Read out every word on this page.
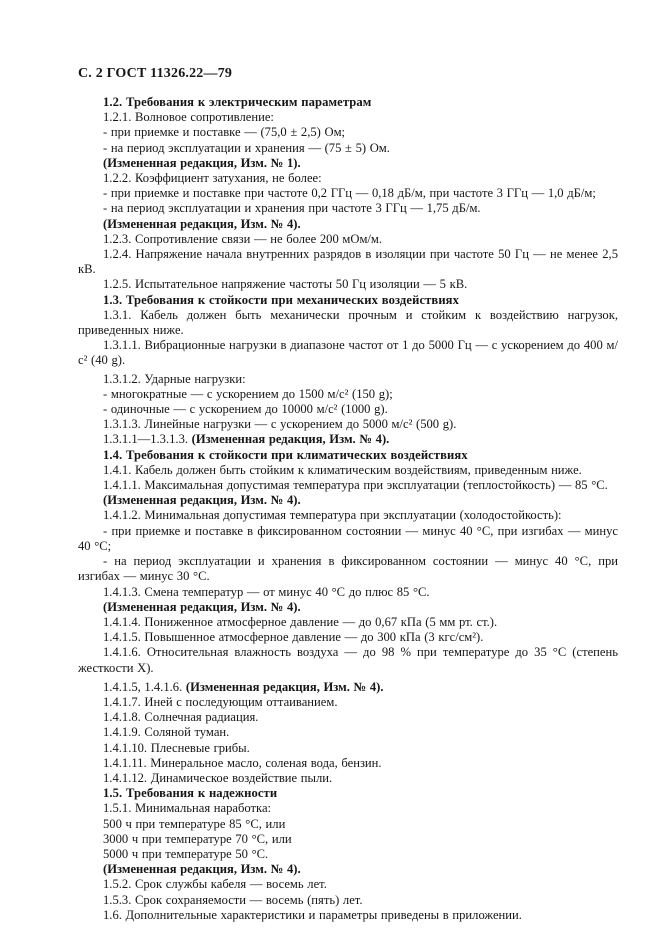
С. 2 ГОСТ 11326.22—79

1.2. Требования к электрическим параметрам

1.2.1. Волновое сопротивление:

- при приемке и поставке — (75,0 ± 2,5) Ом;

- на период эксплуатации и хранения — (75 ± 5) Ом.

(Измененная редакция, Изм. № 1).

1.2.2. Коэффициент затухания, не более:

- при приемке и поставке при частоте 0,2 ГГц — 0,18 дБ/м, при частоте 3 ГГц — 1,0 дБ/м;

- на период эксплуатации и хранения при частоте 3 ГГц — 1,75 дБ/м.

(Измененная редакция, Изм. № 4).

1.2.3. Сопротивление связи — не более 200 мОм/м.

1.2.4. Напряжение начала внутренних разрядов в изоляции при частоте 50 Гц — не менее 2,5 кВ.

1.2.5. Испытательное напряжение частоты 50 Гц изоляции — 5 кВ.

1.3. Требования к стойкости при механических воздействиях

1.3.1. Кабель должен быть механически прочным и стойким к воздействию нагрузок, приведенных ниже.

1.3.1.1. Вибрационные нагрузки в диапазоне частот от 1 до 5000 Гц — с ускорением до 400 м/с² (40 g).

1.3.1.2. Ударные нагрузки:

- многократные — с ускорением до 1500 м/с² (150 g);

- одиночные — с ускорением до 10000 м/с² (1000 g).

1.3.1.3. Линейные нагрузки — с ускорением до 5000 м/с² (500 g).

1.3.1.1—1.3.1.3. (Измененная редакция, Изм. № 4).

1.4. Требования к стойкости при климатических воздействиях

1.4.1. Кабель должен быть стойким к климатическим воздействиям, приведенным ниже.

1.4.1.1. Максимальная допустимая температура при эксплуатации (теплостойкость) — 85 °С.

(Измененная редакция, Изм. № 4).

1.4.1.2. Минимальная допустимая температура при эксплуатации (холодостойкость):

- при приемке и поставке в фиксированном состоянии — минус 40 °С, при изгибах — минус 40 °С;

- на период эксплуатации и хранения в фиксированном состоянии — минус 40 °С, при изгибах — минус 30 °С.

1.4.1.3. Смена температур — от минус 40 °С до плюс 85 °С.

(Измененная редакция, Изм. № 4).

1.4.1.4. Пониженное атмосферное давление — до 0,67 кПа (5 мм рт. ст.).

1.4.1.5. Повышенное атмосферное давление — до 300 кПа (3 кгс/см²).

1.4.1.6. Относительная влажность воздуха — до 98 % при температуре до 35 °С (степень жесткости X).

1.4.1.5, 1.4.1.6. (Измененная редакция, Изм. № 4).

1.4.1.7. Иней с последующим оттаиванием.

1.4.1.8. Солнечная радиация.

1.4.1.9. Соляной туман.

1.4.1.10. Плесневые грибы.

1.4.1.11. Минеральное масло, соленая вода, бензин.

1.4.1.12. Динамическое воздействие пыли.

1.5. Требования к надежности

1.5.1. Минимальная наработка:

500 ч при температуре 85 °С, или

3000 ч при температуре 70 °С, или

5000 ч при температуре 50 °С.

(Измененная редакция, Изм. № 4).

1.5.2. Срок службы кабеля — восемь лет.

1.5.3. Срок сохраняемости — восемь (пять) лет.

1.6. Дополнительные характеристики и параметры приведены в приложении.
